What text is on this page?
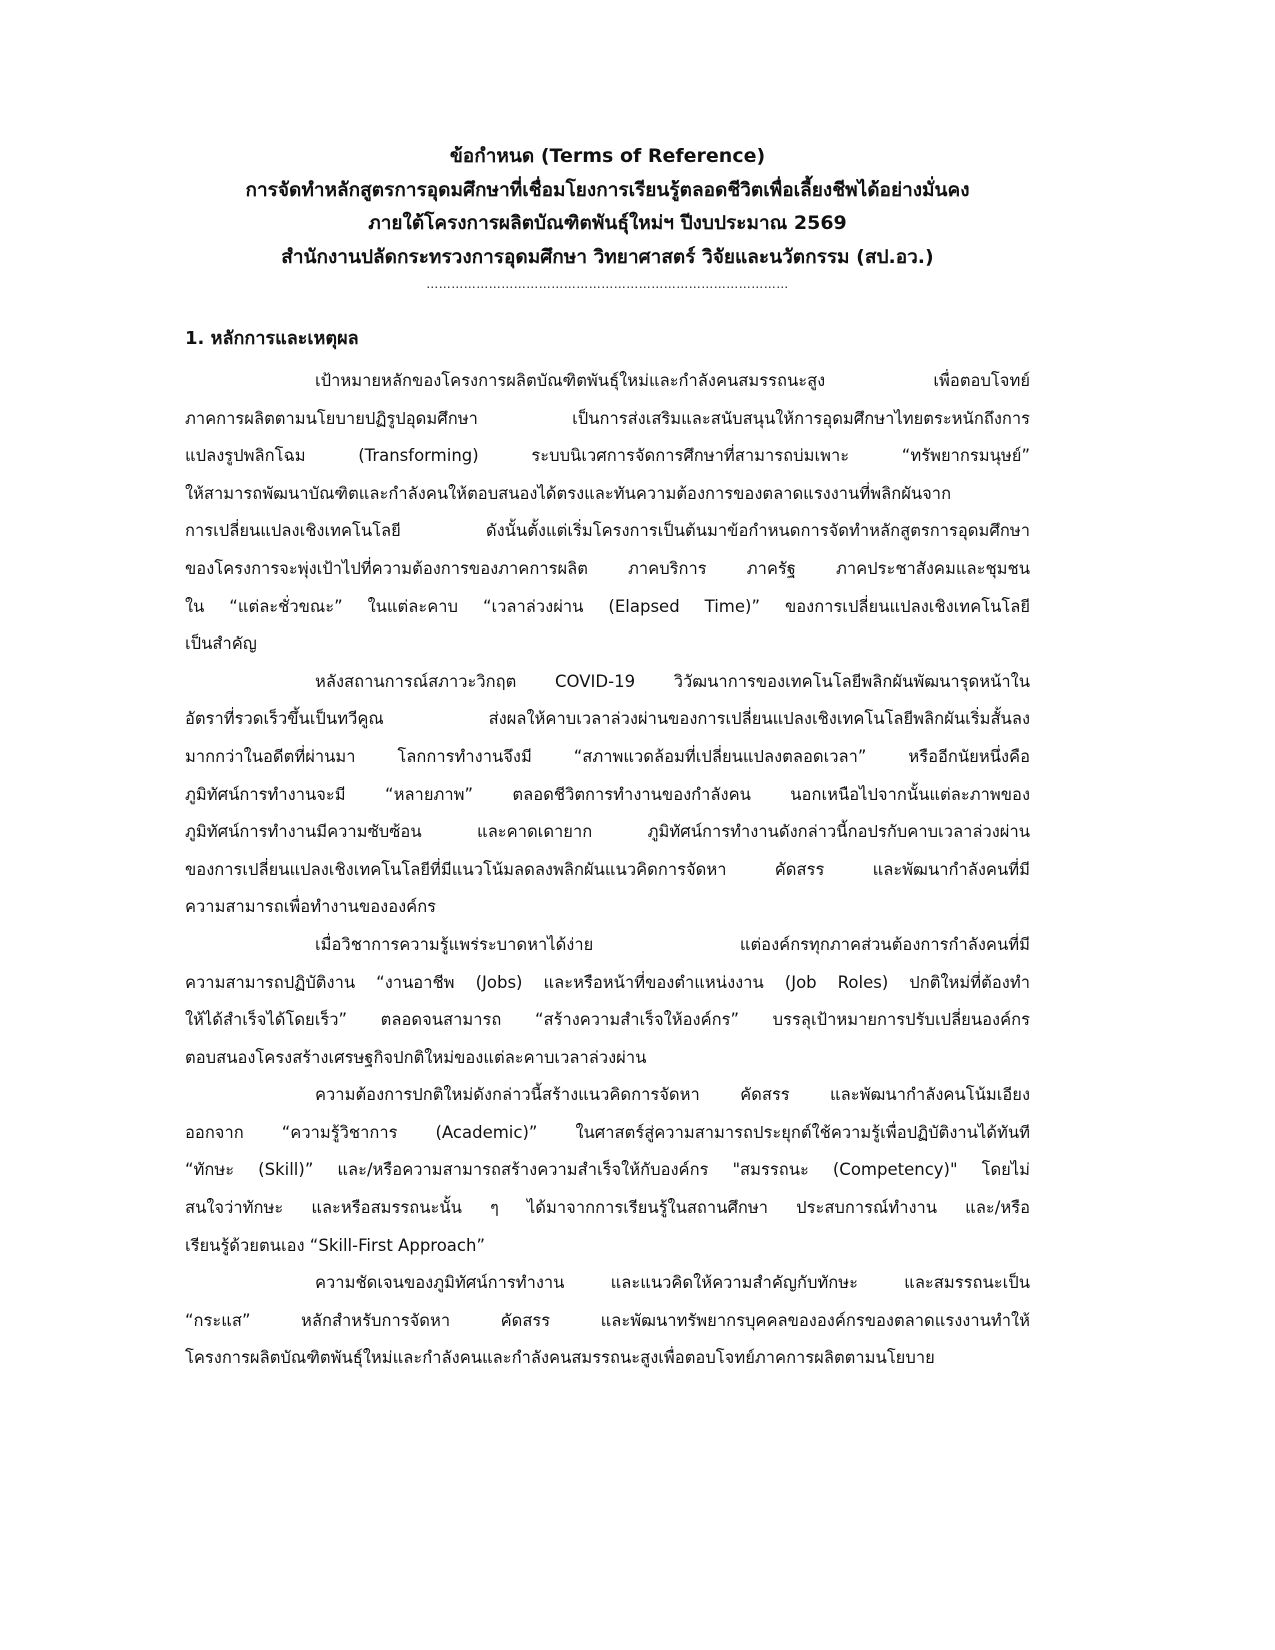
ข้อกำหนด (Terms of Reference)
การจัดทำหลักสูตรการอุดมศึกษาที่เชื่อมโยงการเรียนรู้ตลอดชีวิตเพื่อเลี้ยงชีพได้อย่างมั่นคง
ภายใต้โครงการผลิตบัณฑิตพันธุ์ใหม่ฯ ปีงบประมาณ 2569
สำนักงานปลัดกระทรวงการอุดมศึกษา วิทยาศาสตร์ วิจัยและนวัตกรรม (สป.อว.)
……………………………………………………………………………
1. หลักการและเหตุผล
เป้าหมายหลักของโครงการผลิตบัณฑิตพันธุ์ใหม่และกำลังคนสมรรถนะสูง เพื่อตอบโจทย์
ภาคการผลิตตามนโยบายปฏิรูปอุดมศึกษา เป็นการส่งเสริมและสนับสนุนให้การอุดมศึกษาไทยตระหนักถึงการ
แปลงรูปพลิกโฉม (Transforming) ระบบนิเวศการจัดการศึกษาที่สามารถบ่มเพาะ “ทรัพยากรมนุษย์”
ให้สามารถพัฒนาบัณฑิตและกำลังคนให้ตอบสนองได้ตรงและทันความต้องการของตลาดแรงงานที่พลิกผันจาก
การเปลี่ยนแปลงเชิงเทคโนโลยี ดังนั้นตั้งแต่เริ่มโครงการเป็นต้นมาข้อกำหนดการจัดทำหลักสูตรการอุดมศึกษา
ของโครงการจะพุ่งเป้าไปที่ความต้องการของภาคการผลิต ภาคบริการ ภาครัฐ ภาคประชาสังคมและชุมชน
ใน “แต่ละชั่วขณะ” ในแต่ละคาบ “เวลาล่วงผ่าน (Elapsed Time)” ของการเปลี่ยนแปลงเชิงเทคโนโลยี
เป็นสำคัญ
หลังสถานการณ์สภาวะวิกฤต COVID-19 วิวัฒนาการของเทคโนโลยีพลิกผันพัฒนารุดหน้าใน
อัตราที่รวดเร็วขึ้นเป็นทวีคูณ ส่งผลให้คาบเวลาล่วงผ่านของการเปลี่ยนแปลงเชิงเทคโนโลยีพลิกผันเริ่มสั้นลง
มากกว่าในอดีตที่ผ่านมา โลกการทำงานจึงมี “สภาพแวดล้อมที่เปลี่ยนแปลงตลอดเวลา” หรืออีกนัยหนึ่งคือ
ภูมิทัศน์การทำงานจะมี “หลายภาพ” ตลอดชีวิตการทำงานของกำลังคน นอกเหนือไปจากนั้นแต่ละภาพของ
ภูมิทัศน์การทำงานมีความซับซ้อน และคาดเดายาก ภูมิทัศน์การทำงานดังกล่าวนี้กอปรกับคาบเวลาล่วงผ่าน
ของการเปลี่ยนแปลงเชิงเทคโนโลยีที่มีแนวโน้มลดลงพลิกผันแนวคิดการจัดหา คัดสรร และพัฒนากำลังคนที่มี
ความสามารถเพื่อทำงานขององค์กร
เมื่อวิชาการความรู้แพร่ระบาดหาได้ง่าย แต่องค์กรทุกภาคส่วนต้องการกำลังคนที่มี
ความสามารถปฏิบัติงาน “งานอาชีพ (Jobs) และหรือหน้าที่ของตำแหน่งงาน (Job Roles) ปกติใหม่ที่ต้องทำ
ให้ได้สำเร็จได้โดยเร็ว” ตลอดจนสามารถ “สร้างความสำเร็จให้องค์กร” บรรลุเป้าหมายการปรับเปลี่ยนองค์กร
ตอบสนองโครงสร้างเศรษฐกิจปกติใหม่ของแต่ละคาบเวลาล่วงผ่าน
ความต้องการปกติใหม่ดังกล่าวนี้สร้างแนวคิดการจัดหา คัดสรร และพัฒนากำลังคนโน้มเอียง
ออกจาก “ความรู้วิชาการ (Academic)” ในศาสตร์สู่ความสามารถประยุกต์ใช้ความรู้เพื่อปฏิบัติงานได้ทันที
“ทักษะ (Skill)” และ/หรือความสามารถสร้างความสำเร็จให้กับองค์กร "สมรรถนะ (Competency)" โดยไม่
สนใจว่าทักษะ และหรือสมรรถนะนั้น ๆ ได้มาจากการเรียนรู้ในสถานศึกษา ประสบการณ์ทำงาน และ/หรือ
เรียนรู้ด้วยตนเอง “Skill-First Approach”
ความชัดเจนของภูมิทัศน์การทำงาน และแนวคิดให้ความสำคัญกับทักษะ และสมรรถนะเป็น
“กระแส” หลักสำหรับการจัดหา คัดสรร และพัฒนาทรัพยากรบุคคลขององค์กรของตลาดแรงงานทำให้
โครงการผลิตบัณฑิตพันธุ์ใหม่และกำลังคนและกำลังคนสมรรถนะสูงเพื่อตอบโจทย์ภาคการผลิตตามนโยบาย
